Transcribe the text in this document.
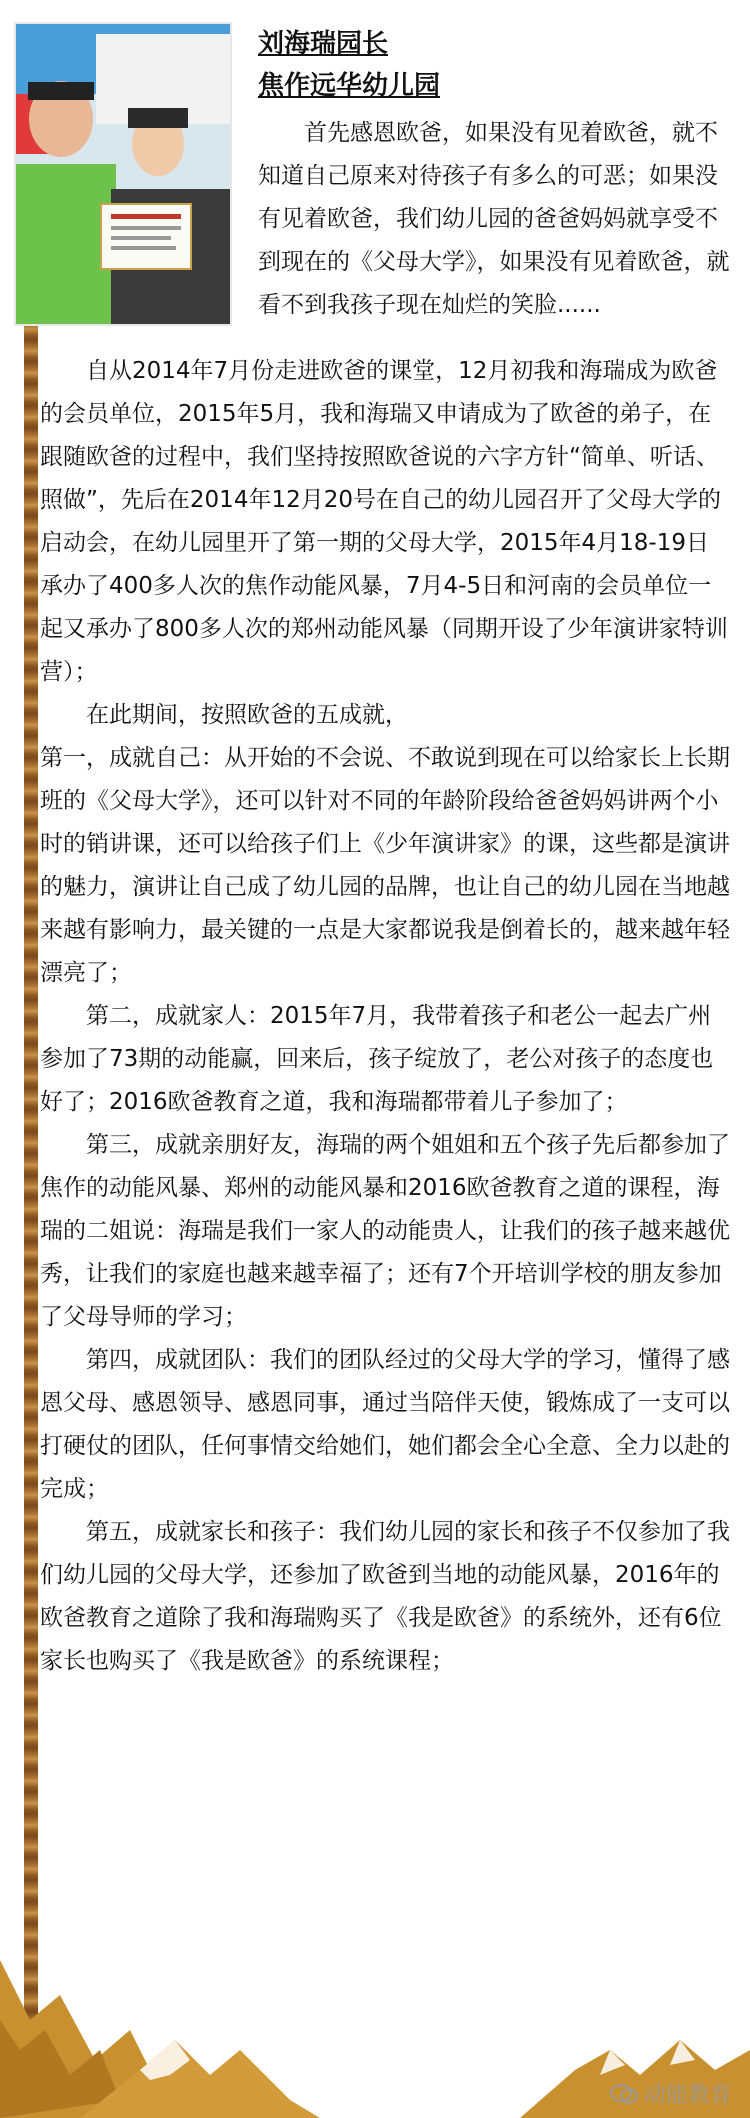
刘海瑞园长
焦作远华幼儿园

首先感恩欧爸，如果没有见着欧爸，就不知道自己原来对待孩子有多么的可恶；如果没有见着欧爸，我们幼儿园的爸爸妈妈就享受不到现在的《父母大学》，如果没有见着欧爸，就看不到我孩子现在灿烂的笑脸......

自从2014年7月份走进欧爸的课堂，12月初我和海瑞成为欧爸的会员单位，2015年5月，我和海瑞又申请成为了欧爸的弟子，在跟随欧爸的过程中，我们坚持按照欧爸说的六字方针“简单、听话、照做”，先后在2014年12月20号在自己的幼儿园召开了父母大学的启动会，在幼儿园里开了第一期的父母大学，2015年4月18-19日承办了400多人次的焦作动能风暴，7月4-5日和河南的会员单位一起又承办了800多人次的郑州动能风暴（同期开设了少年演讲家特训营）；

在此期间，按照欧爸的五成就，

第一，成就自己：从开始的不会说、不敢说到现在可以给家长上长期班的《父母大学》，还可以针对不同的年龄阶段给爸爸妈妈讲两个小时的销讲课，还可以给孩子们上《少年演讲家》的课，这些都是演讲的魅力，演讲让自己成了幼儿园的品牌，也让自己的幼儿园在当地越来越有影响力，最关键的一点是大家都说我是倒着长的，越来越年轻漂亮了；

第二，成就家人：2015年7月，我带着孩子和老公一起去广州参加了73期的动能赢，回来后，孩子绽放了，老公对孩子的态度也好了；2016欧爸教育之道，我和海瑞都带着儿子参加了；

第三，成就亲朋好友，海瑞的两个姐姐和五个孩子先后都参加了焦作的动能风暴、郑州的动能风暴和2016欧爸教育之道的课程，海瑞的二姐说：海瑞是我们一家人的动能贵人，让我们的孩子越来越优秀，让我们的家庭也越来越幸福了；还有7个开培训学校的朋友参加了父母导师的学习；

第四，成就团队：我们的团队经过的父母大学的学习，懂得了感恩父母、感恩领导、感恩同事，通过当陪伴天使，锻炼成了一支可以打硬仗的团队，任何事情交给她们，她们都会全心全意、全力以赴的完成；

第五，成就家长和孩子：我们幼儿园的家长和孩子不仅参加了我们幼儿园的父母大学，还参加了欧爸到当地的动能风暴，2016年的欧爸教育之道除了我和海瑞购买了《我是欧爸》的系统外，还有6位家长也购买了《我是欧爸》的系统课程；

动能教育
